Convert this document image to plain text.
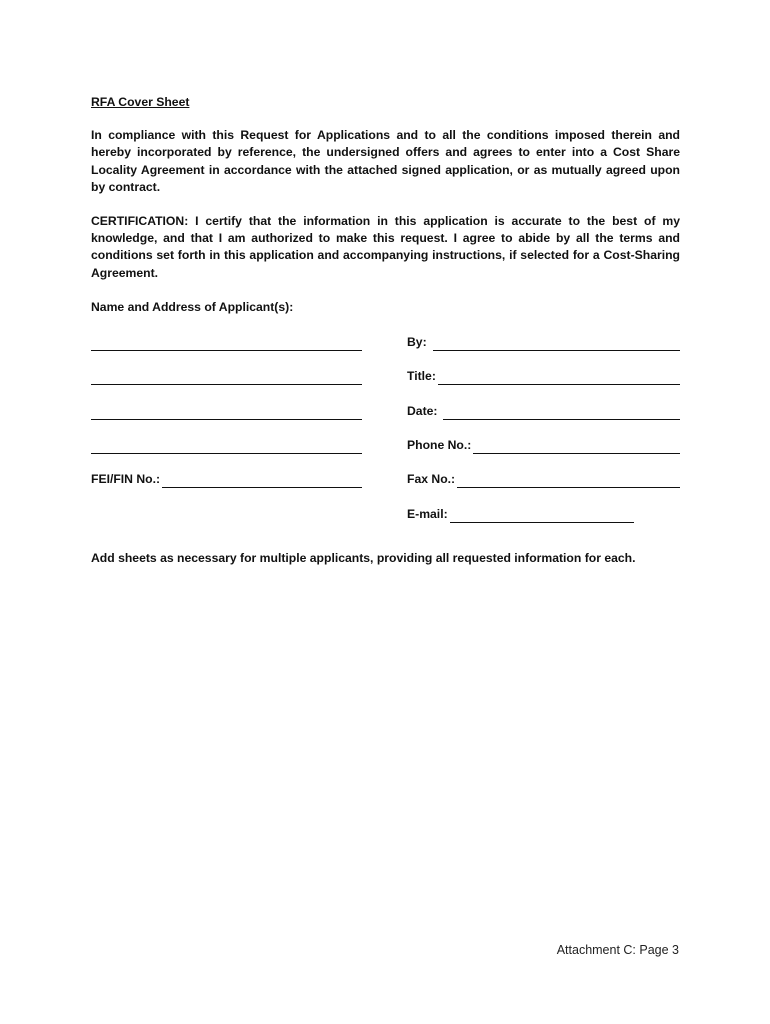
RFA Cover Sheet
In compliance with this Request for Applications and to all the conditions imposed therein and hereby incorporated by reference, the undersigned offers and agrees to enter into a Cost Share Locality Agreement in accordance with the attached signed application, or as mutually agreed upon by contract.
CERTIFICATION: I certify that the information in this application is accurate to the best of my knowledge, and that I am authorized to make this request. I agree to abide by all the terms and conditions set forth in this application and accompanying instructions, if selected for a Cost-Sharing Agreement.
Name and Address of Applicant(s):
By:
Title:
Date:
Phone No.:
FEI/FIN No.:	Fax No.:
E-mail:
Add sheets as necessary for multiple applicants, providing all requested information for each.
Attachment C: Page 3
